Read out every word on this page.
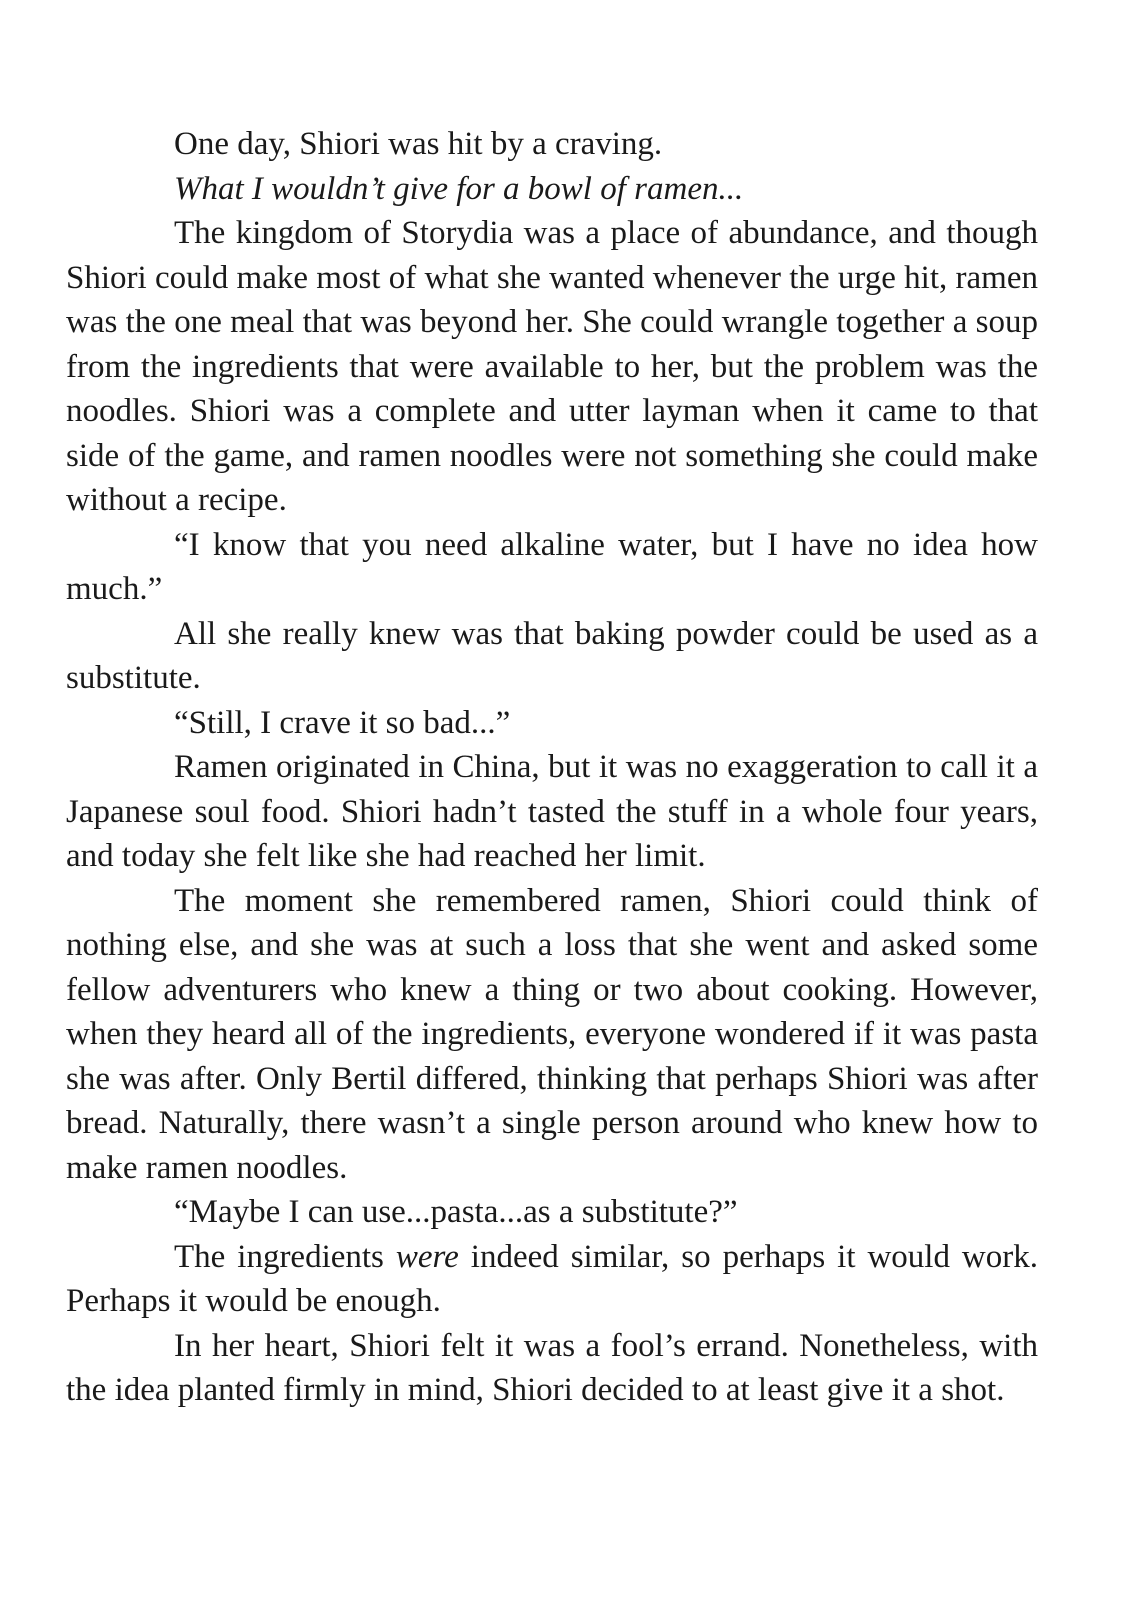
One day, Shiori was hit by a craving.

What I wouldn’t give for a bowl of ramen...

The kingdom of Storydia was a place of abundance, and though Shiori could make most of what she wanted whenever the urge hit, ramen was the one meal that was beyond her. She could wrangle together a soup from the ingredients that were available to her, but the problem was the noodles. Shiori was a complete and utter layman when it came to that side of the game, and ramen noodles were not something she could make without a recipe.

“I know that you need alkaline water, but I have no idea how much.”

All she really knew was that baking powder could be used as a substitute.

“Still, I crave it so bad...”

Ramen originated in China, but it was no exaggeration to call it a Japanese soul food. Shiori hadn’t tasted the stuff in a whole four years, and today she felt like she had reached her limit.

The moment she remembered ramen, Shiori could think of nothing else, and she was at such a loss that she went and asked some fellow adventurers who knew a thing or two about cooking. However, when they heard all of the ingredients, everyone wondered if it was pasta she was after. Only Bertil differed, thinking that perhaps Shiori was after bread. Naturally, there wasn’t a single person around who knew how to make ramen noodles.

“Maybe I can use...pasta...as a substitute?”

The ingredients were indeed similar, so perhaps it would work. Perhaps it would be enough.

In her heart, Shiori felt it was a fool’s errand. Nonetheless, with the idea planted firmly in mind, Shiori decided to at least give it a shot.
